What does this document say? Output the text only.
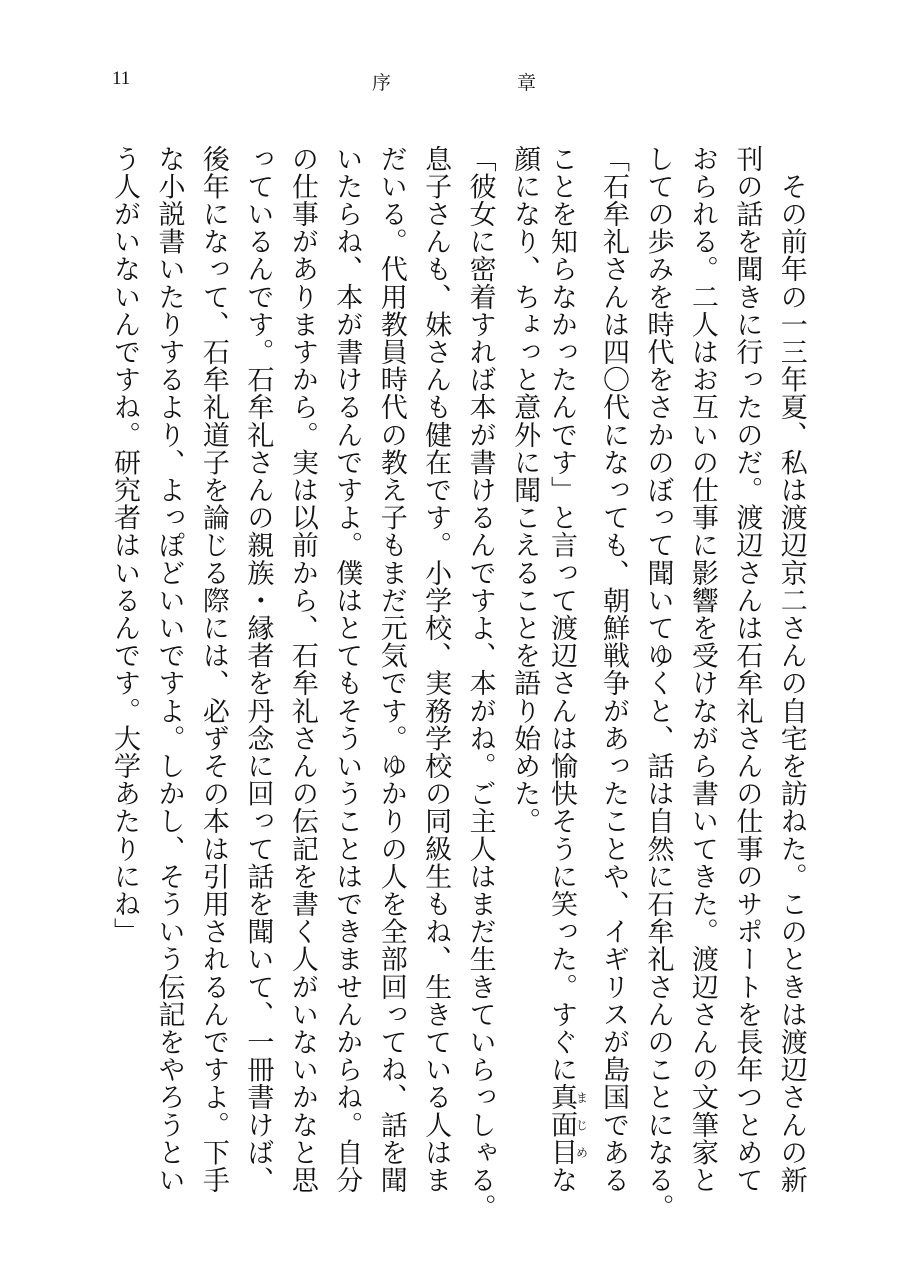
11	序	章
　その前年の一三年夏、私は渡辺京二さんの自宅を訪ねた。このときは渡辺さんの新
刊の話を聞きに行ったのだ。渡辺さんは石牟礼さんの仕事のサポートを長年つとめて
おられる。二人はお互いの仕事に影響を受けながら書いてきた。渡辺さんの文筆家と
しての歩みを時代をさかのぼって聞いてゆくと、話は自然に石牟礼さんのことになる。
「石牟礼さんは四〇代になっても、朝鮮戦争があったことや、イギリスが島国である
ことを知らなかったんです」と言って渡辺さんは愉快そうに笑った。すぐに真面目まじめな
顔になり、ちょっと意外に聞こえることを語り始めた。
「彼女に密着すれば本が書けるんですよ、本がね。ご主人はまだ生きていらっしゃる。
息子さんも、妹さんも健在です。小学校、実務学校の同級生もね、生きている人はま
だいる。代用教員時代の教え子もまだ元気です。ゆかりの人を全部回ってね、話を聞
いたらね、本が書けるんですよ。僕はとてもそういうことはできませんからね。自分
の仕事がありますから。実は以前から、石牟礼さんの伝記を書く人がいないかなと思
っているんです。石牟礼さんの親族・縁者を丹念に回って話を聞いて、一冊書けば、
後年になって、石牟礼道子を論じる際には、必ずその本は引用されるんですよ。下手
な小説書いたりするより、よっぽどいいですよ。しかし、そういう伝記をやろうとい
う人がいないんですね。研究者はいるんです。大学あたりにね」
